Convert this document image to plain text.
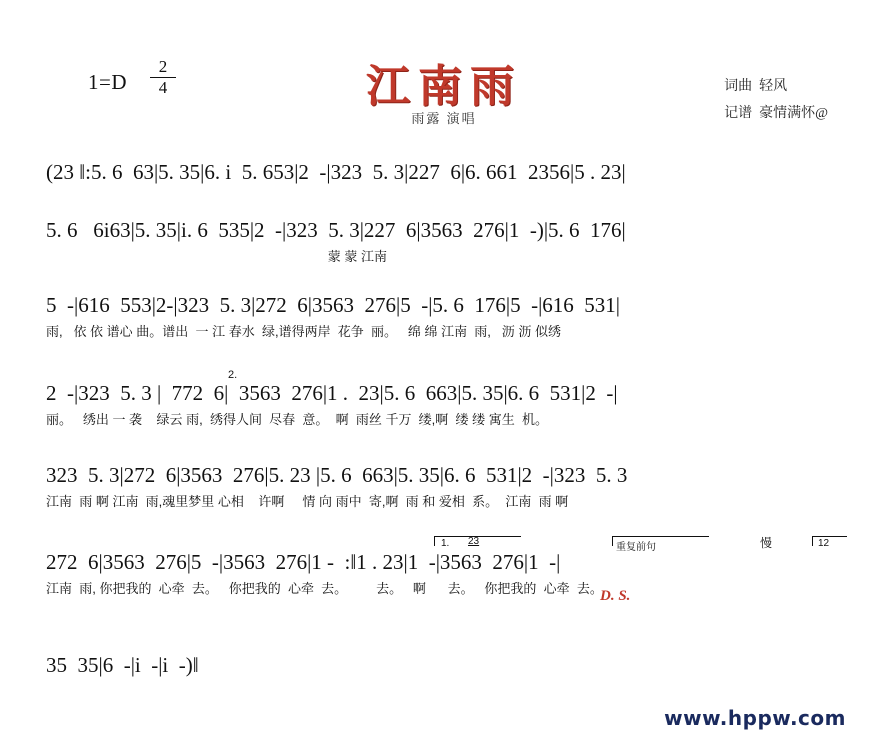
$1=D \frac{2}{4}$	江南雨
雨露 演唱
词曲  轻风
记谱  豪情满怀@
(23 ‖:5. 6  63|5. 35|6. i  5. 653|2  -|323  5. 3|227  6|6. 661  2356|5 . 23|
5. 6   6i63|5. 35|i. 6  535|2  -|323  5. 3|227  6|3563  276|1  -)|5. 6  176|
蒙 蒙 江南
5  -|616  553|2-|323  5. 3|272  6|3563  276|5  -|5. 6  176|5  -|616  531|
雨,   依 依 谱心 曲。谱出  一 江 春水  绿,谱得两岸  花争  丽。   绵 绵 江南  雨,   沥 沥 似绣
2  -|323  5. 3 |  772  6|  3563  276|1 .  23|5. 6  663|5. 35|6. 6  531|2  -|
丽。   绣出 一 袭    绿云 雨,  绣得人间  尽春  意。  啊  雨丝 千万  缕,啊  缕 缕 寓生  机。
323  5. 3|272  6|3563  276|5. 23 |5. 6  663|5. 35|6. 6  531|2  -|323  5. 3
江南  雨 啊 江南  雨,魂里梦里 心相    许啊     情 向 雨中  寄,啊  雨 和 爱相  系。  江南  雨 啊
272  6|3563  276|5  -|3563  276|1 -  :‖1 . 23|1  -|3563  276|1  -|
江南  雨, 你把我的  心牵  去。   你把我的  心牵  去。        去。   啊      去。   你把我的  心牵  去。
35  35|6  -|i  -|i  -)‖
1. 23
重复前句	慢	12
2.
D. S.
www.hppw.com
